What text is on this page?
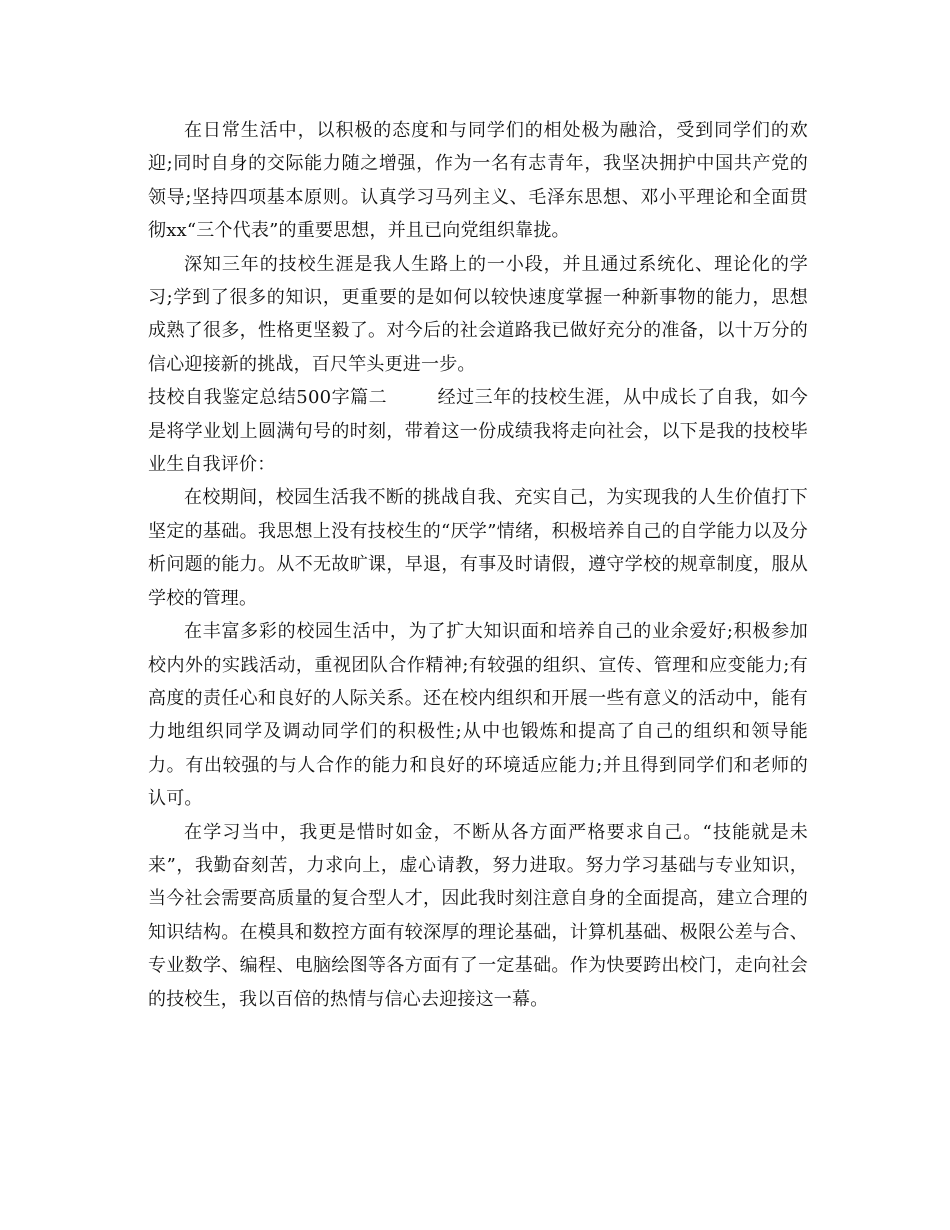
在日常生活中，以积极的态度和与同学们的相处极为融洽，受到同学们的欢迎;同时自身的交际能力随之增强，作为一名有志青年，我坚决拥护中国共产党的领导;坚持四项基本原则。认真学习马列主义、毛泽东思想、邓小平理论和全面贯彻xx“三个代表”的重要思想，并且已向党组织靠拢。

深知三年的技校生涯是我人生路上的一小段，并且通过系统化、理论化的学习;学到了很多的知识，更重要的是如何以较快速度掌握一种新事物的能力，思想成熟了很多，性格更坚毅了。对今后的社会道路我已做好充分的准备，以十万分的信心迎接新的挑战，百尺竿头更进一步。

技校自我鉴定总结500字篇二	经过三年的技校生涯，从中成长了自我，如今是将学业划上圆满句号的时刻，带着这一份成绩我将走向社会，以下是我的技校毕业生自我评价：

在校期间，校园生活我不断的挑战自我、充实自己，为实现我的人生价值打下坚定的基础。我思想上没有技校生的“厌学”情绪，积极培养自己的自学能力以及分析问题的能力。从不无故旷课，早退，有事及时请假，遵守学校的规章制度，服从学校的管理。

在丰富多彩的校园生活中，为了扩大知识面和培养自己的业余爱好;积极参加校内外的实践活动，重视团队合作精神;有较强的组织、宣传、管理和应变能力;有高度的责任心和良好的人际关系。还在校内组织和开展一些有意义的活动中，能有力地组织同学及调动同学们的积极性;从中也锻炼和提高了自己的组织和领导能力。有出较强的与人合作的能力和良好的环境适应能力;并且得到同学们和老师的认可。

在学习当中，我更是惜时如金，不断从各方面严格要求自己。“技能就是未来”，我勤奋刻苦，力求向上，虚心请教，努力进取。努力学习基础与专业知识，当今社会需要高质量的复合型人才，因此我时刻注意自身的全面提高，建立合理的知识结构。在模具和数控方面有较深厚的理论基础，计算机基础、极限公差与合、专业数学、编程、电脑绘图等各方面有了一定基础。作为快要跨出校门，走向社会的技校生，我以百倍的热情与信心去迎接这一幕。
